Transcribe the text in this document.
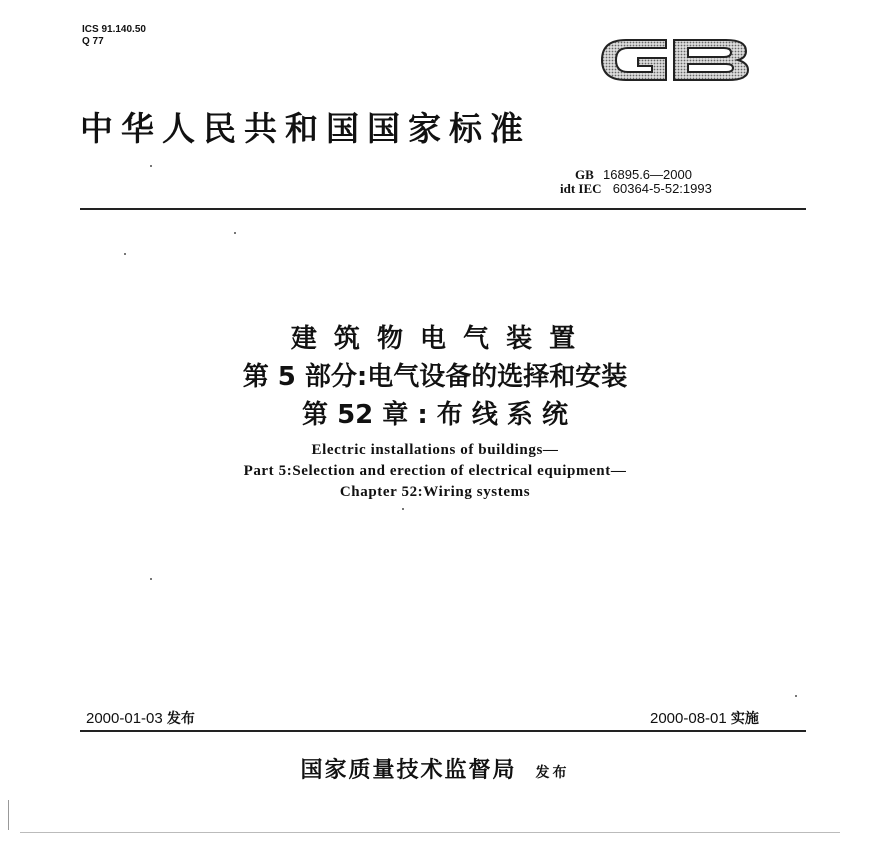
ICS 91.140.50
Q 77
中华人民共和国国家标准
GB 16895.6—2000
idt IEC 60364-5-52:1993
建 筑 物 电 气 装 置
第 5 部分:电气设备的选择和安装
第 52 章 : 布 线 系 统
Electric installations of buildings—
Part 5:Selection and erection of electrical equipment—
Chapter 52:Wiring systems
2000-01-03 发布	2000-08-01 实施
国家质量技术监督局 发布
